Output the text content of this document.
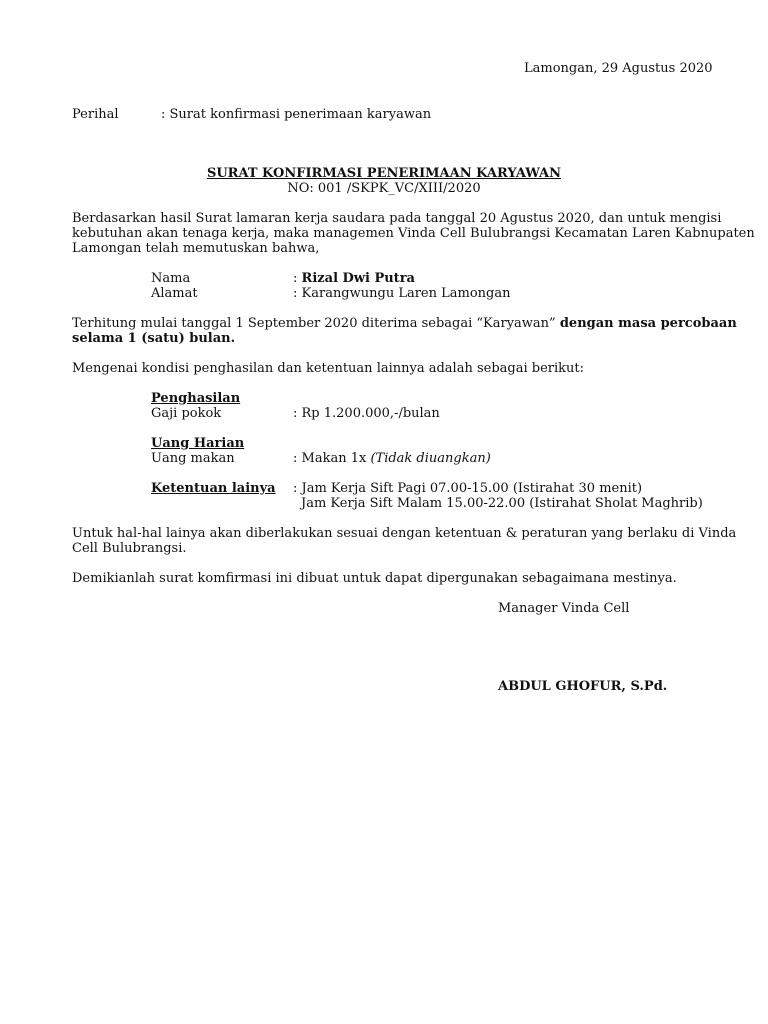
Lamongan, 29 Agustus 2020
Perihal	: Surat konfirmasi penerimaan karyawan
SURAT KONFIRMASI PENERIMAAN KARYAWAN
NO: 001 /SKPK_VC/XIII/2020
Berdasarkan hasil Surat lamaran kerja saudara pada tanggal 20 Agustus 2020, dan untuk mengisi
kebutuhan akan tenaga kerja, maka managemen Vinda Cell Bulubrangsi Kecamatan Laren Kabnupaten
Lamongan telah memutuskan bahwa,
Nama	: Rizal Dwi Putra
Alamat	: Karangwungu Laren Lamongan
Terhitung mulai tanggal 1 September 2020 diterima sebagai “Karyawan” dengan masa percobaan
selama 1 (satu) bulan.
Mengenai kondisi penghasilan dan ketentuan lainnya adalah sebagai berikut:
Penghasilan
Gaji pokok	: Rp 1.200.000,-/bulan
Uang Harian
Uang makan	: Makan 1x (Tidak diuangkan)
Ketentuan lainya : Jam Kerja Sift Pagi 07.00-15.00 (Istirahat 30 menit)
Jam Kerja Sift Malam 15.00-22.00 (Istirahat Sholat Maghrib)
Untuk hal-hal lainya akan diberlakukan sesuai dengan ketentuan & peraturan yang berlaku di Vinda
Cell Bulubrangsi.
Demikianlah surat komfirmasi ini dibuat untuk dapat dipergunakan sebagaimana mestinya.
Manager Vinda Cell
ABDUL GHOFUR, S.Pd.
